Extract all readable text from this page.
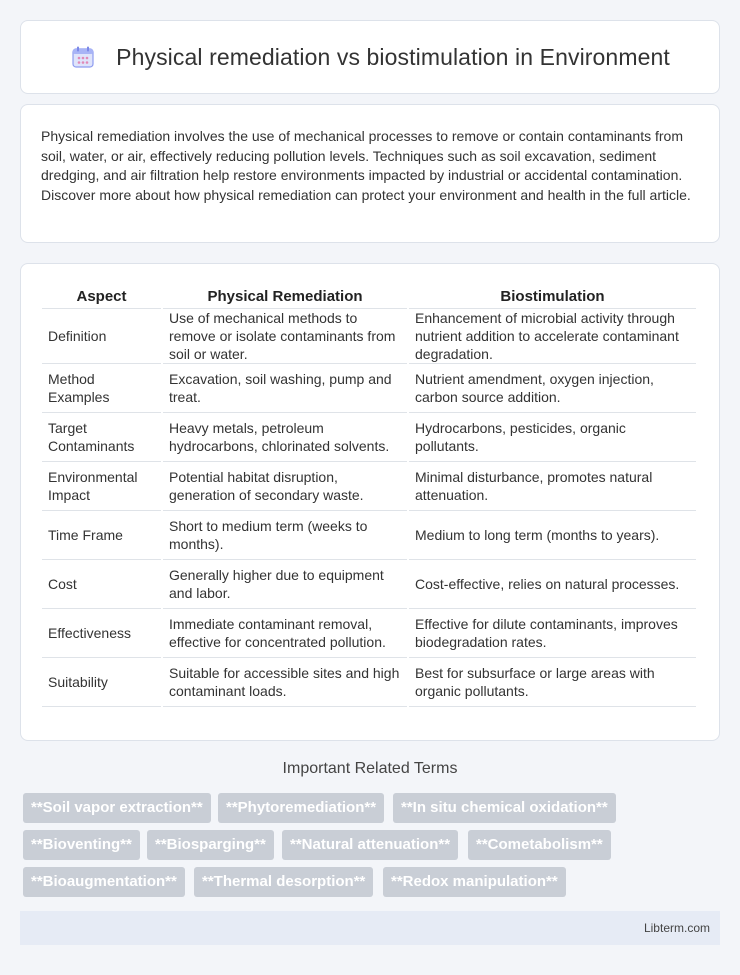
Physical remediation vs biostimulation in Environment

Physical remediation involves the use of mechanical processes to remove or contain contaminants from soil, water, or air, effectively reducing pollution levels. Techniques such as soil excavation, sediment dredging, and air filtration help restore environments impacted by industrial or accidental contamination. Discover more about how physical remediation can protect your environment and health in the full article.

Aspect	Physical Remediation	Biostimulation
Definition	Use of mechanical methods to remove or isolate contaminants from soil or water.	Enhancement of microbial activity through nutrient addition to accelerate contaminant degradation.
Method Examples	Excavation, soil washing, pump and treat.	Nutrient amendment, oxygen injection, carbon source addition.
Target Contaminants	Heavy metals, petroleum hydrocarbons, chlorinated solvents.	Hydrocarbons, pesticides, organic pollutants.
Environmental Impact	Potential habitat disruption, generation of secondary waste.	Minimal disturbance, promotes natural attenuation.
Time Frame	Short to medium term (weeks to months).	Medium to long term (months to years).
Cost	Generally higher due to equipment and labor.	Cost-effective, relies on natural processes.
Effectiveness	Immediate contaminant removal, effective for concentrated pollution.	Effective for dilute contaminants, improves biodegradation rates.
Suitability	Suitable for accessible sites and high contaminant loads.	Best for subsurface or large areas with organic pollutants.
Important Related Terms
**Soil vapor extraction**	**Phytoremediation**	**In situ chemical oxidation**
**Bioventing**	**Biosparging**	**Natural attenuation**	**Cometabolism**
**Bioaugmentation**	**Thermal desorption**	**Redox manipulation**
Libterm.com
